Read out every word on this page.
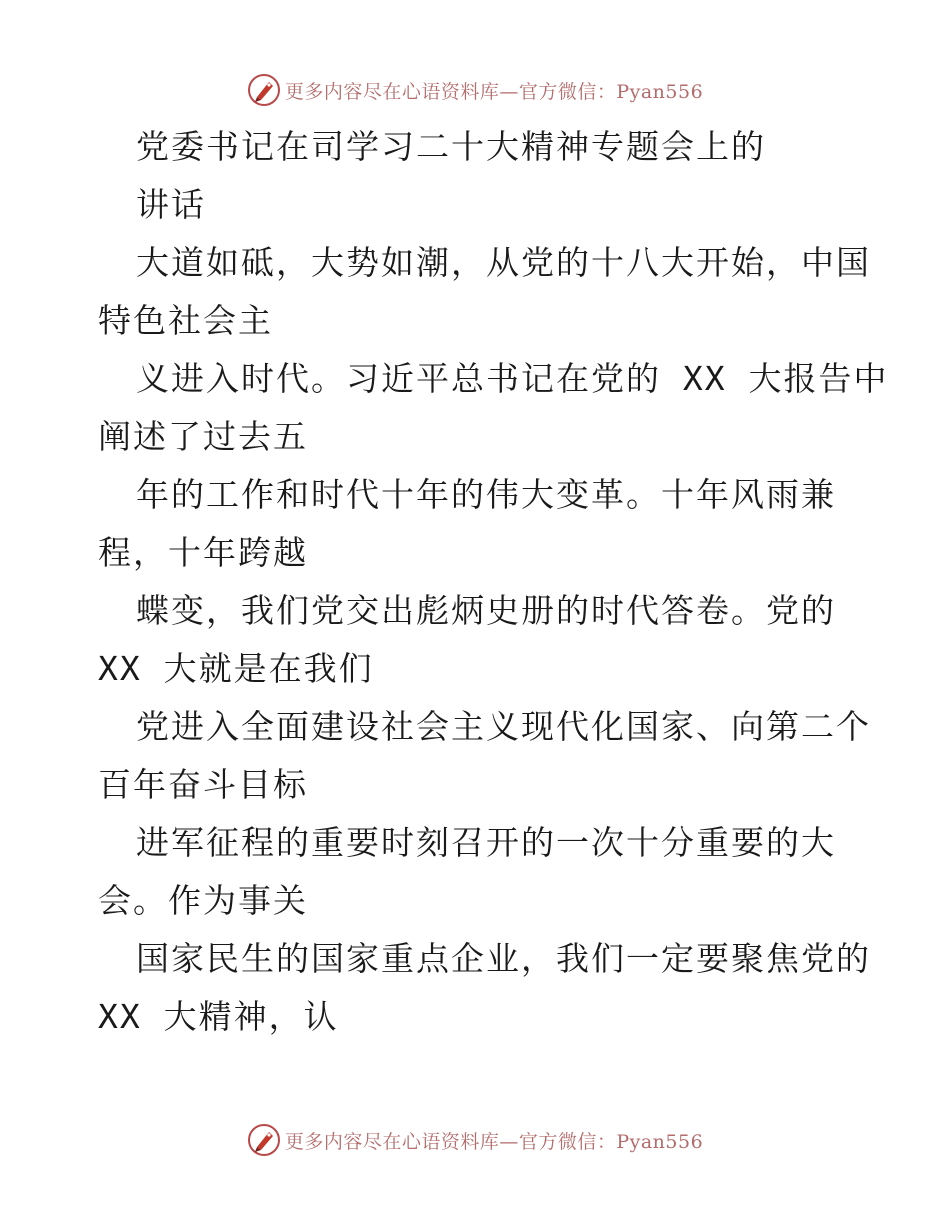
更多内容尽在心语资料库—官方微信：Pyan556
党委书记在司学习二十大精神专题会上的
讲话
大道如砥，大势如潮，从党的十八大开始，中国
特色社会主
义进入时代。习近平总书记在党的 XX 大报告中
阐述了过去五
年的工作和时代十年的伟大变革。十年风雨兼
程，十年跨越
蝶变，我们党交出彪炳史册的时代答卷。党的
XX 大就是在我们
党进入全面建设社会主义现代化国家、向第二个
百年奋斗目标
进军征程的重要时刻召开的一次十分重要的大
会。作为事关
国家民生的国家重点企业，我们一定要聚焦党的
XX 大精神，认
更多内容尽在心语资料库—官方微信：Pyan556
